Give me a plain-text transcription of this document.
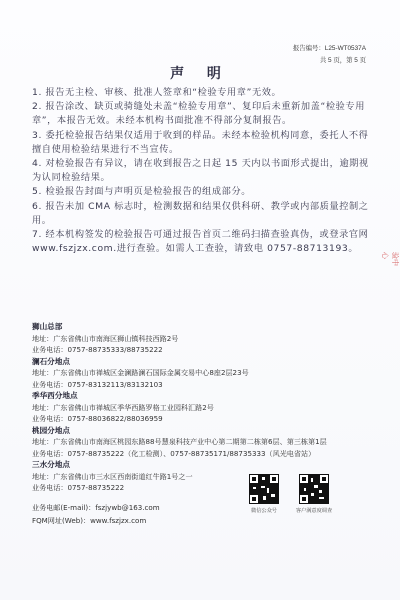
报告编号：L25-WT0537A
共 5 页，第 5 页
声 明

1. 报告无主检、审核、批准人签章和“检验专用章”无效。

2. 报告涂改、缺页或骑缝处未盖“检验专用章”、复印后未重新加盖“检验专用章”，本报告无效。未经本机构书面批准不得部分复制报告。

3. 委托检验报告结果仅适用于收到的样品。未经本检验机构同意，委托人不得擅自使用检验结果进行不当宣传。

4. 对检验报告有异议，请在收到报告之日起 15 天内以书面形式提出，逾期视为认同检验结果。

5. 检验报告封面与声明页是检验报告的组成部分。

6. 报告未加 CMA 标志时，检测数据和结果仅供科研、教学或内部质量控制之用。

7. 经本机构签发的检验报告可通过报告首页二维码扫描查验真伪，或登录官网 www.fszjzx.com.进行查验。如需人工查验，请致电 0757-88713193。

狮山总部

地址：广东省佛山市南海区狮山镇科技西路2号

业务电话：0757-88735333/88735222

澜石分地点

地址：广东省佛山市禅城区金澜路澜石国际金属交易中心8座2层23号

业务电话：0757-83132113/83132103

季华西分地点

地址：广东省佛山市禅城区季华西路罗格工业园科汇路2号

业务电话：0757-88036822/88036959

桃园分地点

地址：广东省佛山市南海区桃园东路88号慧泉科技产业中心第二期第二栋第6层、第三栋第1层

业务电话：0757-88735222（化工检测）、0757-88735171/88735333（风光电省站）

三水分地点

地址：广东省佛山市三水区西南街道红牛路1号之一

业务电话：0757-88735222

业务电邮(E-mail)：fszjywb@163.com

FQM网址(Web)：www.fszjzx.com

微信公众号	客户满意度调查
验中心
